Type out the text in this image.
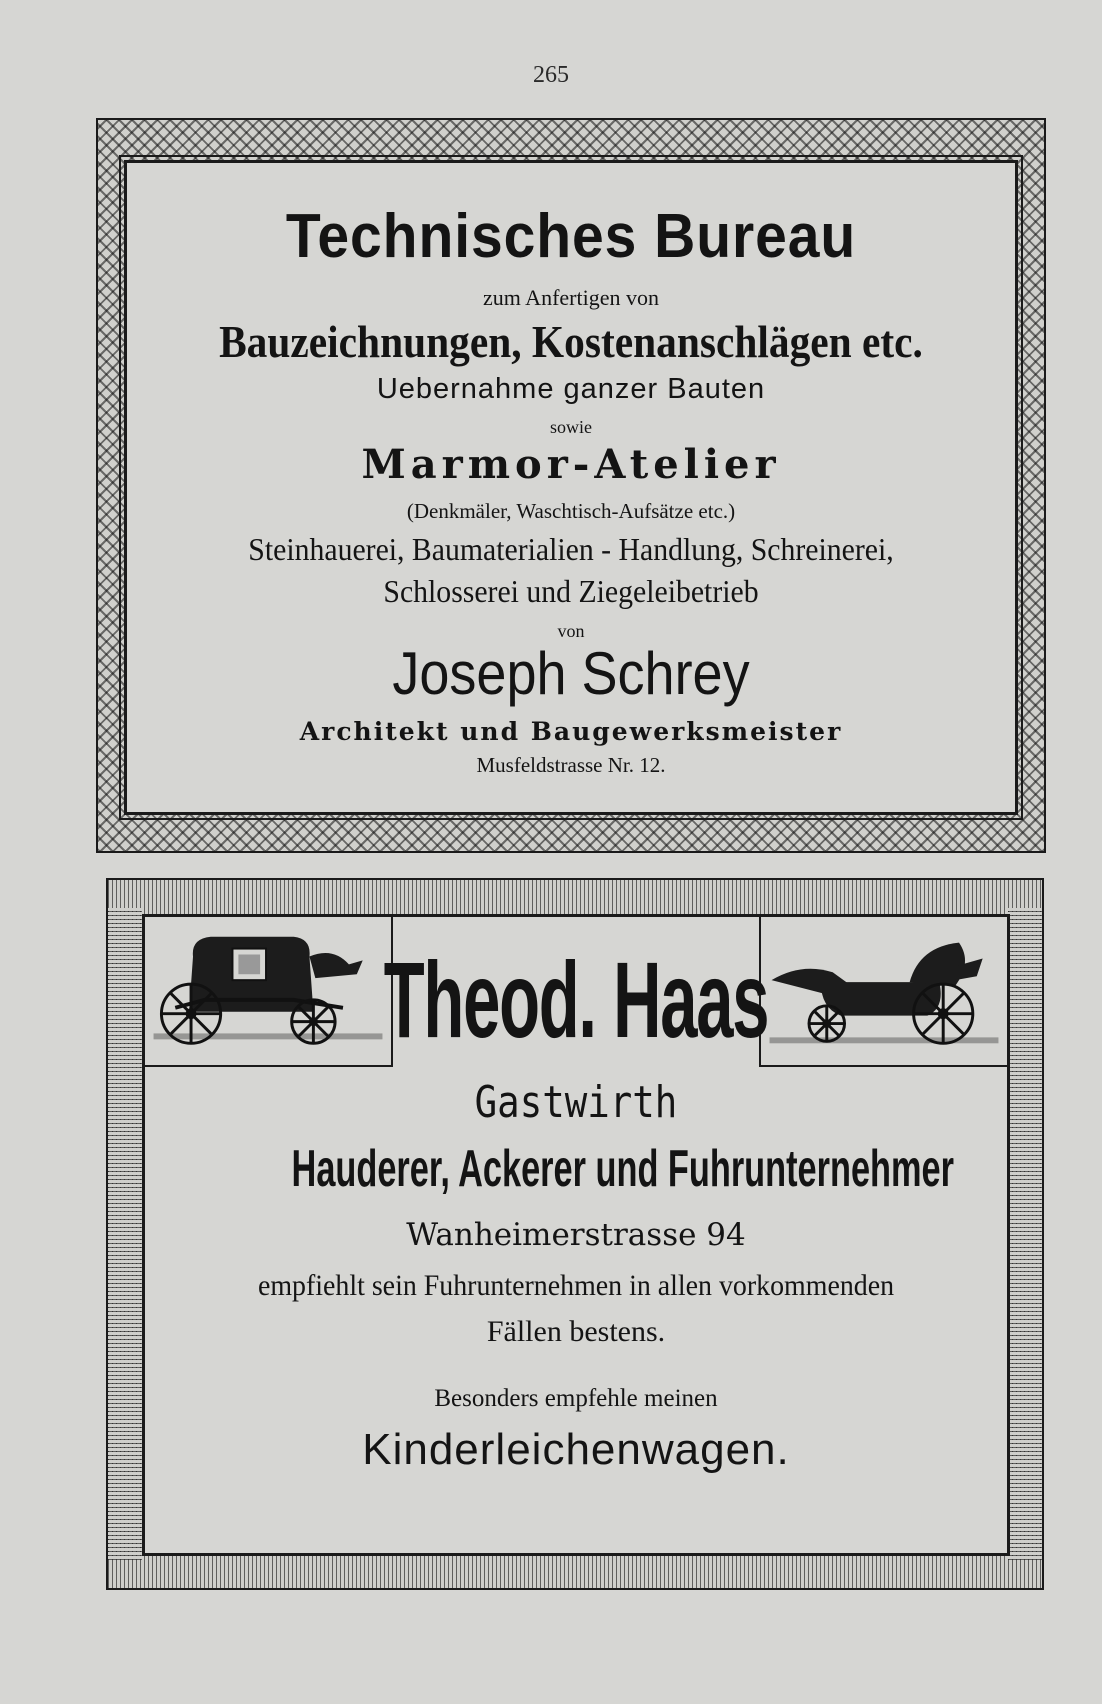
265
Technisches Bureau
zum Anfertigen von
Bauzeichnungen, Kostenanschlägen etc.
Uebernahme ganzer Bauten
sowie
Marmor-Atelier
(Denkmäler, Waschtisch-Aufsätze etc.)
Steinhauerei, Baumaterialien - Handlung, Schreinerei,
Schlosserei und Ziegeleibetrieb
von
Joseph Schrey
Architekt und Baugewerksmeister
Musfeldstrasse Nr. 12.
Theod. Haas
Gastwirth
Hauderer, Ackerer und Fuhrunternehmer
Wanheimerstrasse 94
empfiehlt sein Fuhrunternehmen in allen vorkommenden
Fällen bestens.
Besonders empfehle meinen
Kinderleichenwagen.
